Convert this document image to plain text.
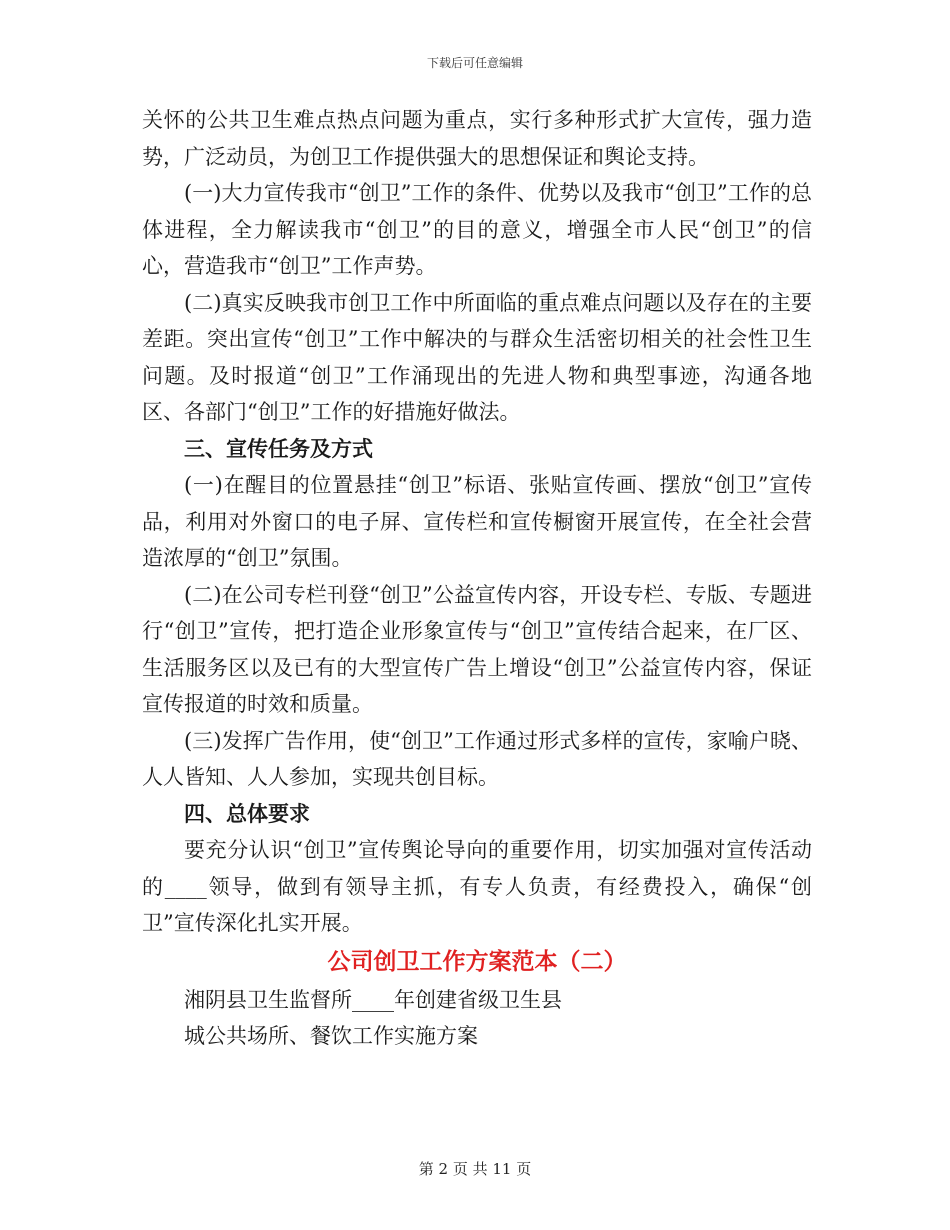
下载后可任意编辑

关怀的公共卫生难点热点问题为重点，实行多种形式扩大宣传，强力造势，广泛动员，为创卫工作提供强大的思想保证和舆论支持。

(一)大力宣传我市“创卫”工作的条件、优势以及我市“创卫”工作的总体进程，全力解读我市“创卫”的目的意义，增强全市人民“创卫”的信心，营造我市“创卫”工作声势。

(二)真实反映我市创卫工作中所面临的重点难点问题以及存在的主要差距。突出宣传“创卫”工作中解决的与群众生活密切相关的社会性卫生问题。及时报道“创卫”工作涌现出的先进人物和典型事迹，沟通各地区、各部门“创卫”工作的好措施好做法。

三、宣传任务及方式

(一)在醒目的位置悬挂“创卫”标语、张贴宣传画、摆放“创卫”宣传品，利用对外窗口的电子屏、宣传栏和宣传橱窗开展宣传，在全社会营造浓厚的“创卫”氛围。

(二)在公司专栏刊登“创卫”公益宣传内容，开设专栏、专版、专题进行“创卫”宣传，把打造企业形象宣传与“创卫”宣传结合起来，在厂区、生活服务区以及已有的大型宣传广告上增设“创卫”公益宣传内容，保证宣传报道的时效和质量。

(三)发挥广告作用，使“创卫”工作通过形式多样的宣传，家喻户晓、人人皆知、人人参加，实现共创目标。

四、总体要求

要充分认识“创卫”宣传舆论导向的重要作用，切实加强对宣传活动的____领导，做到有领导主抓，有专人负责，有经费投入，确保“创卫”宣传深化扎实开展。

公司创卫工作方案范本（二）

湘阴县卫生监督所____年创建省级卫生县

城公共场所、餐饮工作实施方案

第 2 页 共 11 页
